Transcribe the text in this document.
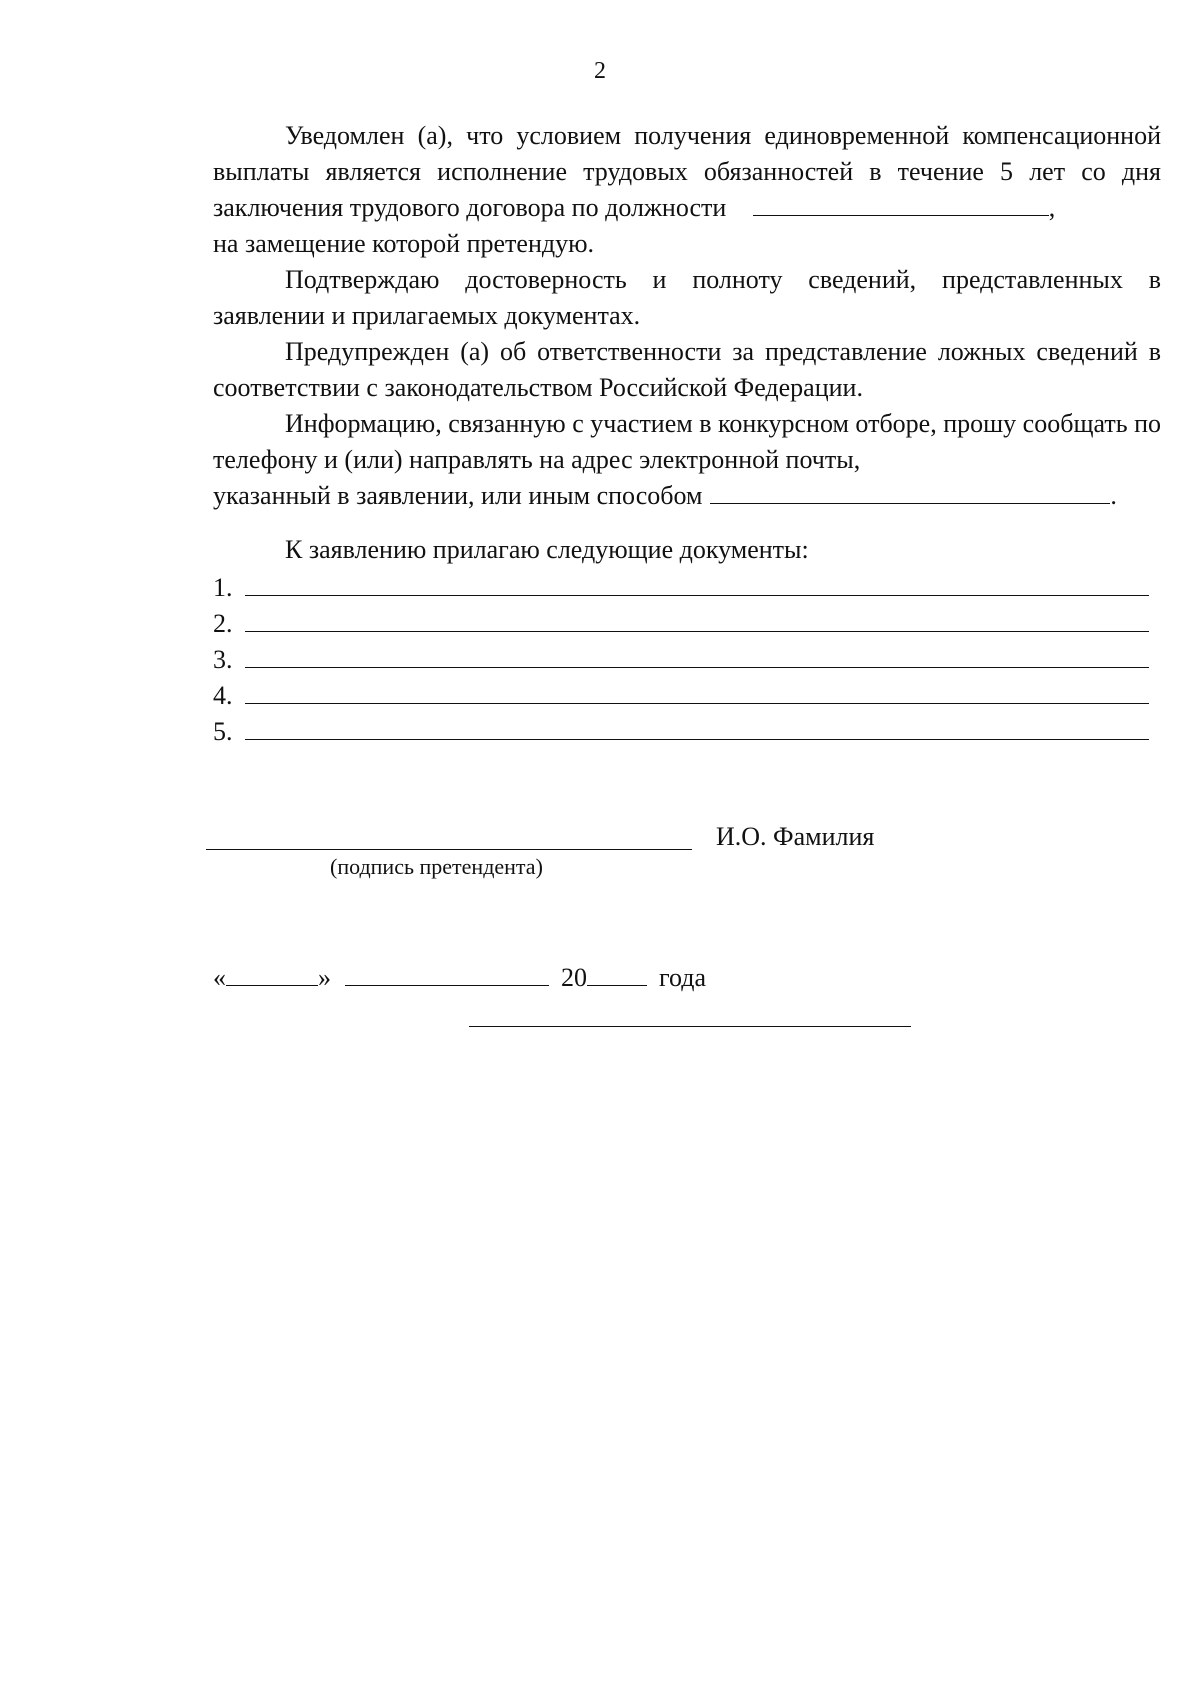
2

Уведомлен (а), что условием получения единовременной компенсационной выплаты является исполнение трудовых обязанностей в течение 5 лет со дня заключения трудового договора по должности	,

на замещение которой претендую.

Подтверждаю достоверность и полноту сведений, представленных в заявлении и прилагаемых документах.

Предупрежден (а) об ответственности за представление ложных сведений в соответствии с законодательством Российской Федерации.

Информацию, связанную с участием в конкурсном отборе, прошу сообщать по телефону и (или) направлять на адрес электронной почты,

указанный в заявлении, или иным способом	.
К заявлению прилагаю следующие документы:
1.
2.
3.
4.
5.
И.О. Фамилия
(подпись претендента)
«	»	20	года
